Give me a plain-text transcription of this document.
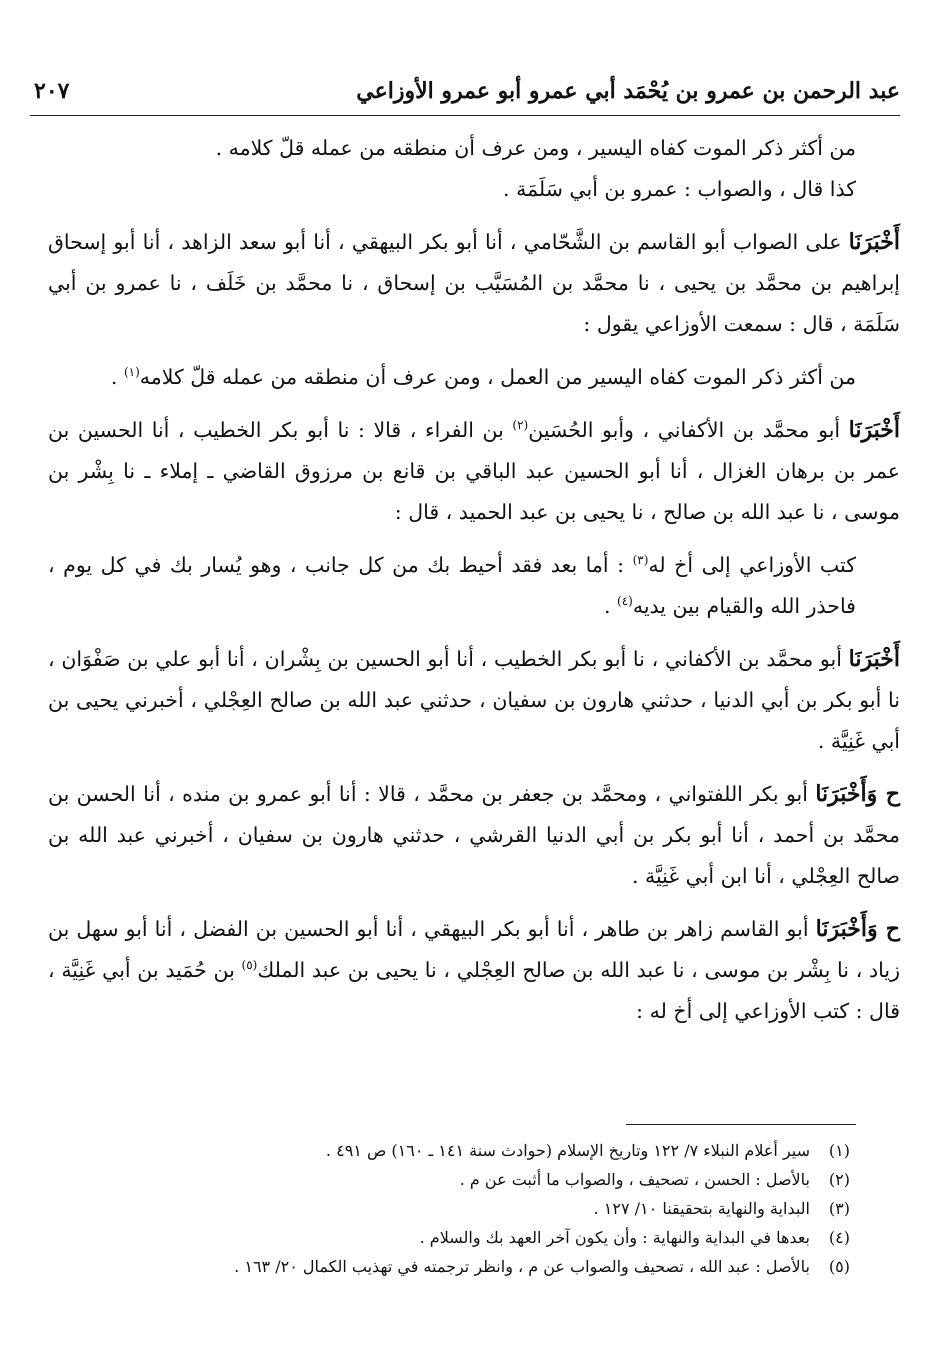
عبد الرحمن بن عمرو بن يُحْمَد أبي عمرو أبو عمرو الأوزاعي
٢٠٧

من أكثر ذكر الموت كفاه اليسير ، ومن عرف أن منطقه من عمله قلّ كلامه .

كذا قال ، والصواب : عمرو بن أبي سَلَمَة .

أَخْبَرَنَا على الصواب أبو القاسم بن الشَّحّامي ، أنا أبو بكر البيهقي ، أنا أبو سعد الزاهد ، أنا أبو إسحاق إبراهيم بن محمَّد بن يحيى ، نا محمَّد بن المُسَيَّب بن إسحاق ، نا محمَّد بن خَلَف ، نا عمرو بن أبي سَلَمَة ، قال : سمعت الأوزاعي يقول :

من أكثر ذكر الموت كفاه اليسير من العمل ، ومن عرف أن منطقه من عمله قلّ كلامه$^{(١)}$ .

أَخْبَرَنَا أبو محمَّد بن الأكفاني ، وأبو الحُسَين$^{(٢)}$ بن الفراء ، قالا : نا أبو بكر الخطيب ، أنا الحسين بن عمر بن برهان الغزال ، أنا أبو الحسين عبد الباقي بن قانع بن مرزوق القاضي ـ إملاء ـ نا بِشْر بن موسى ، نا عبد الله بن صالح ، نا يحيى بن عبد الحميد ، قال :

كتب الأوزاعي إلى أخ له$^{(٣)}$ : أما بعد فقد أحيط بك من كل جانب ، وهو يُسار بك في كل يوم ، فاحذر الله والقيام بين يديه$^{(٤)}$ .

أَخْبَرَنَا أبو محمَّد بن الأكفاني ، نا أبو بكر الخطيب ، أنا أبو الحسين بن بِشْران ، أنا أبو علي بن صَفْوَان ، نا أبو بكر بن أبي الدنيا ، حدثني هارون بن سفيان ، حدثني عبد الله بن صالح العِجْلي ، أخبرني يحيى بن أبي غَنِيَّة .

ح وَأَخْبَرَنَا أبو بكر اللفتواني ، ومحمَّد بن جعفر بن محمَّد ، قالا : أنا أبو عمرو بن منده ، أنا الحسن بن محمَّد بن أحمد ، أنا أبو بكر بن أبي الدنيا القرشي ، حدثني هارون بن سفيان ، أخبرني عبد الله بن صالح العِجْلي ، أنا ابن أبي غَنِيَّة .

ح وَأَخْبَرَنَا أبو القاسم زاهر بن طاهر ، أنا أبو بكر البيهقي ، أنا أبو الحسين بن الفضل ، أنا أبو سهل بن زياد ، نا بِشْر بن موسى ، نا عبد الله بن صالح العِجْلي ، نا يحيى بن عبد الملك$^{(٥)}$ بن حُمَيد بن أبي غَنِيَّة ، قال : كتب الأوزاعي إلى أخ له :

(١)سير أعلام النبلاء ٧/ ١٢٢ وتاريخ الإسلام (حوادث سنة ١٤١ ـ ١٦٠) ص ٤٩١ .
(٢)بالأصل : الحسن ، تصحيف ، والصواب ما أثبت عن م .
(٣)البداية والنهاية بتحقيقنا ١٠/ ١٢٧ .
(٤)بعدها في البداية والنهاية : وأن يكون آخر العهد بك والسلام .
(٥)بالأصل : عبد الله ، تصحيف والصواب عن م ، وانظر ترجمته في تهذيب الكمال ٢٠/ ١٦٣ .
